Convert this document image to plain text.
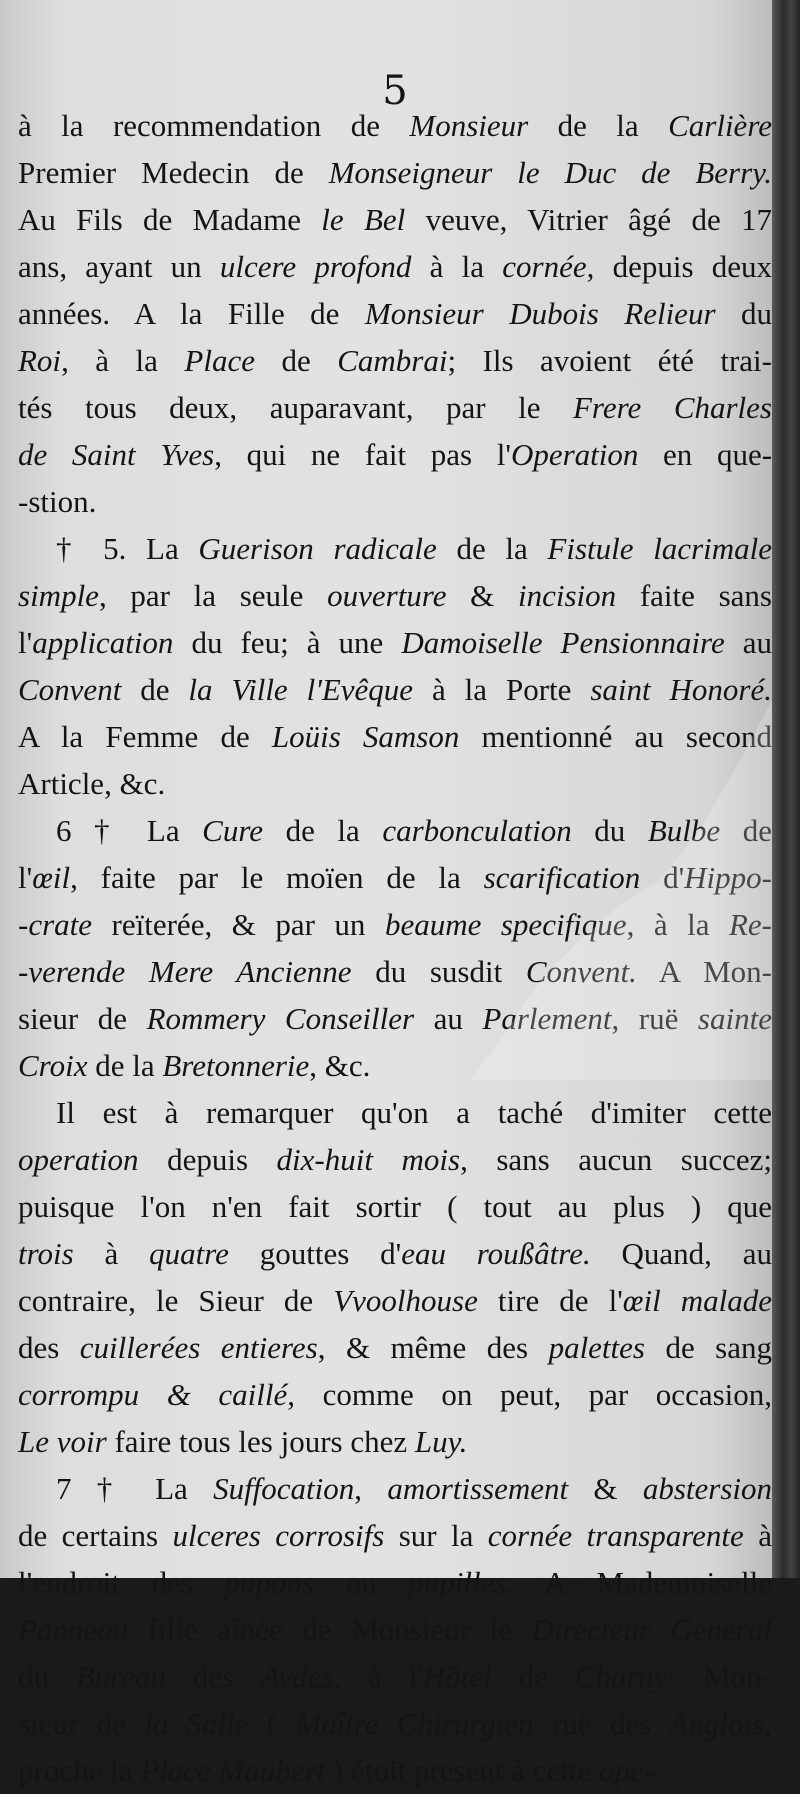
5
à la recommendation de Monsieur de la Carlière
Premier Medecin de Monseigneur le Duc de Berry.
Au Fils de Madame le Bel veuve, Vitrier âgé de 17
ans, ayant un ulcere profond à la cornée, depuis deux
années. A la Fille de Monsieur Dubois Relieur du
Roi, à la Place de Cambrai; Ils avoient été trai-
tés tous deux, auparavant, par le Frere Charles
de Saint Yves, qui ne fait pas l'Operation en que-
-stion.
† 5. La Guerison radicale de la Fistule lacrimale
simple, par la seule ouverture & incision faite sans
l'application du feu; à une Damoiselle Pensionnaire au
Convent de la Ville l'Evêque à la Porte saint Honoré.
A la Femme de Loüis Samson mentionné au second
Article, &c.
6 † La Cure de la carbonculation du Bulbe de
l'œil, faite par le moïen de la scarification d'Hippo-
-crate reïterée, & par un beaume specifique, à la Re-
-verende Mere Ancienne du susdit Convent. A Mon-
sieur de Rommery Conseiller au Parlement, ruë sainte
Croix de la Bretonnerie, &c.
Il est à remarquer qu'on a taché d'imiter cette
operation depuis dix-huit mois, sans aucun succez;
puisque l'on n'en fait sortir ( tout au plus ) que
trois à quatre gouttes d'eau roußâtre. Quand, au
contraire, le Sieur de Vvoolhouse tire de l'œil malade
des cuillerées entieres, & même des palettes de sang
corrompu & caillé, comme on peut, par occasion,
Le voir faire tous les jours chez Luy.
7 † La Suffocation, amortissement & abstersion
de certains ulceres corrosifs sur la cornée transparente à
l'endroit des pupons ou pupilles. A Mademoiselle
Panneau fille aînée de Monsieur le Directeur General
du Bureau des Aydes, à l'Hôtel de Charny: Mon-
sieur de la Salle ( Maître Chirurgien ruë des Anglois,
proche la Place Maubert ) étoit present à cette ope-
